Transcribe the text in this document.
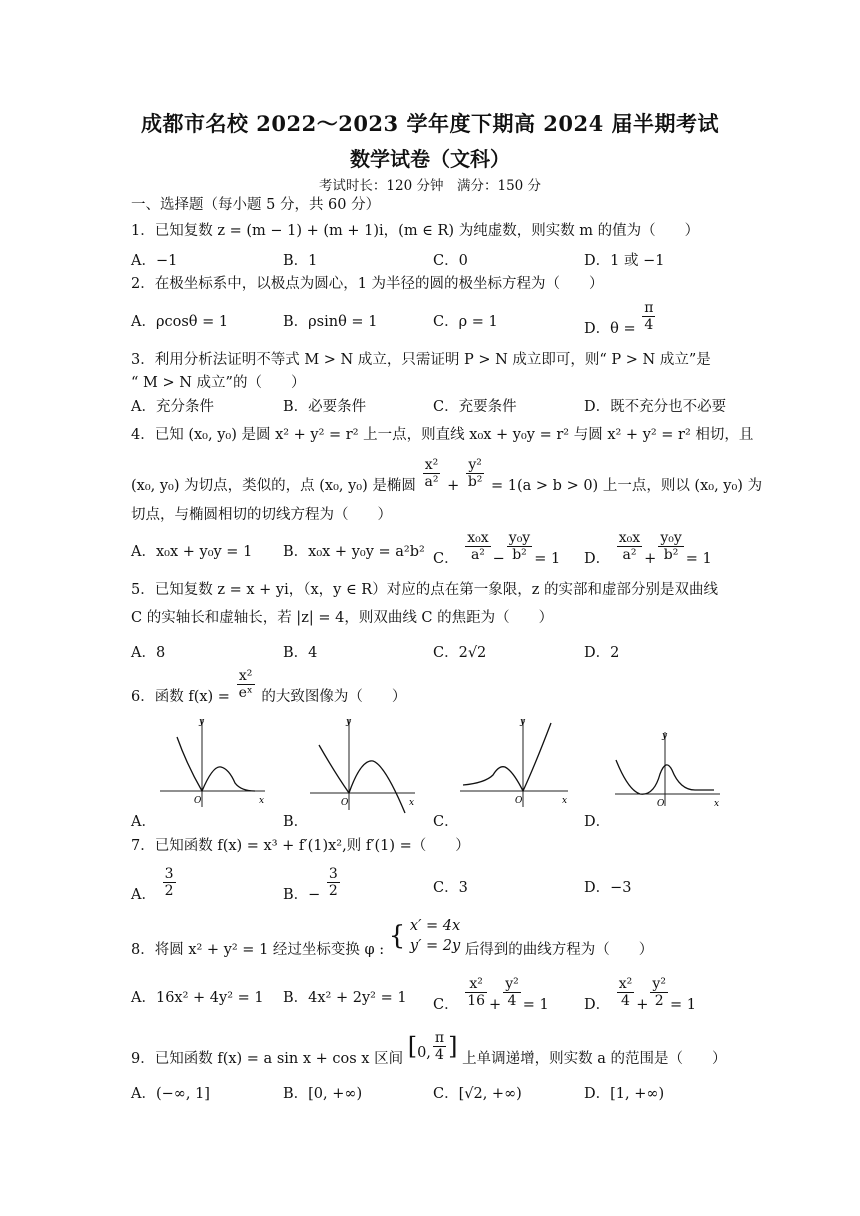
成都市名校 2022～2023 学年度下期高 2024 届半期考试
数学试卷（文科）
考试时长：120 分钟　满分：150 分
一、选择题（每小题 5 分，共 60 分）
1．已知复数 z = (m − 1) + (m + 1)i，(m ∈ R) 为纯虚数，则实数 m 的值为（　　）
A．−1	B．1	C．0	D．1 或 −1
2．在极坐标系中，以极点为圆心，1 为半径的圆的极坐标方程为（　　）
A．ρcosθ = 1	B．ρsinθ = 1	C．ρ = 1	D．$\theta = \frac{\pi}{4}$
3．利用分析法证明不等式 M > N 成立，只需证明 P > N 成立即可，则“ P > N 成立”是
“ M > N 成立”的（　　）
A．充分条件	B．必要条件	C．充要条件	D．既不充分也不必要
4．已知 (x₀, y₀) 是圆 x² + y² = r² 上一点，则直线 x₀x + y₀y = r² 与圆 x² + y² = r² 相切，且
(x₀, y₀) 为切点，类似的，点 (x₀, y₀) 是椭圆 $\frac{\text{x²}}{\text{a²}} + \frac{\text{y²}}{\text{b²}} = 1(a > b > 0)$ 上一点，则以 (x₀, y₀) 为
切点，与椭圆相切的切线方程为（　　）
A．x₀x + y₀y = 1 B．x₀x + y₀y = a²b² C． $\frac{\text{x₀x}}{\text{a²}} - \frac{\text{y₀y}}{\text{b²}} = 1$ D． $\frac{\text{x₀x}}{\text{a²}} + \frac{\text{y₀y}}{\text{b²}} = 1$
5．已知复数 z = x + yi，（x，y ∈ R）对应的点在第一象限，z 的实部和虚部分别是双曲线
C 的实轴长和虚轴长，若 |z| = 4，则双曲线 C 的焦距为（　　）
A．8	B．4	C．2√2	D．2
6．函数 $f(x) = \frac{\text{x²}}{\text{eˣ}}$ 的大致图像为（　　）
y
x
O
A．
y
x
O
B．
y
x
O
C．
y
x
O
D．
7．已知函数 f(x) = x³ + f′(1)x²,则 f′(1) =（　　）
A． $\frac{3}{2}$	B．− $\frac{3}{2}$	C．3	D．−3
8．将圆 x² + y² = 1 经过坐标变换 φ : { x′ = 4x
y′ = 2y 后得到的曲线方程为（　　）
A．16x² + 4y² = 1 B．4x² + 2y² = 1 C． $\frac{\text{x²}}{16} + \frac{\text{y²}}{4} = 1$ D． $\frac{\text{x²}}{4} + \frac{\text{y²}}{2} = 1$
9．已知函数 f(x) = a sin x + cos x 区间 [0, $\frac{\pi}{4}$ ] 上单调递增，则实数 a 的范围是（　　）
A．(−∞, 1]	B．[0, +∞)	C．[√2, +∞)	D．[1, +∞)
